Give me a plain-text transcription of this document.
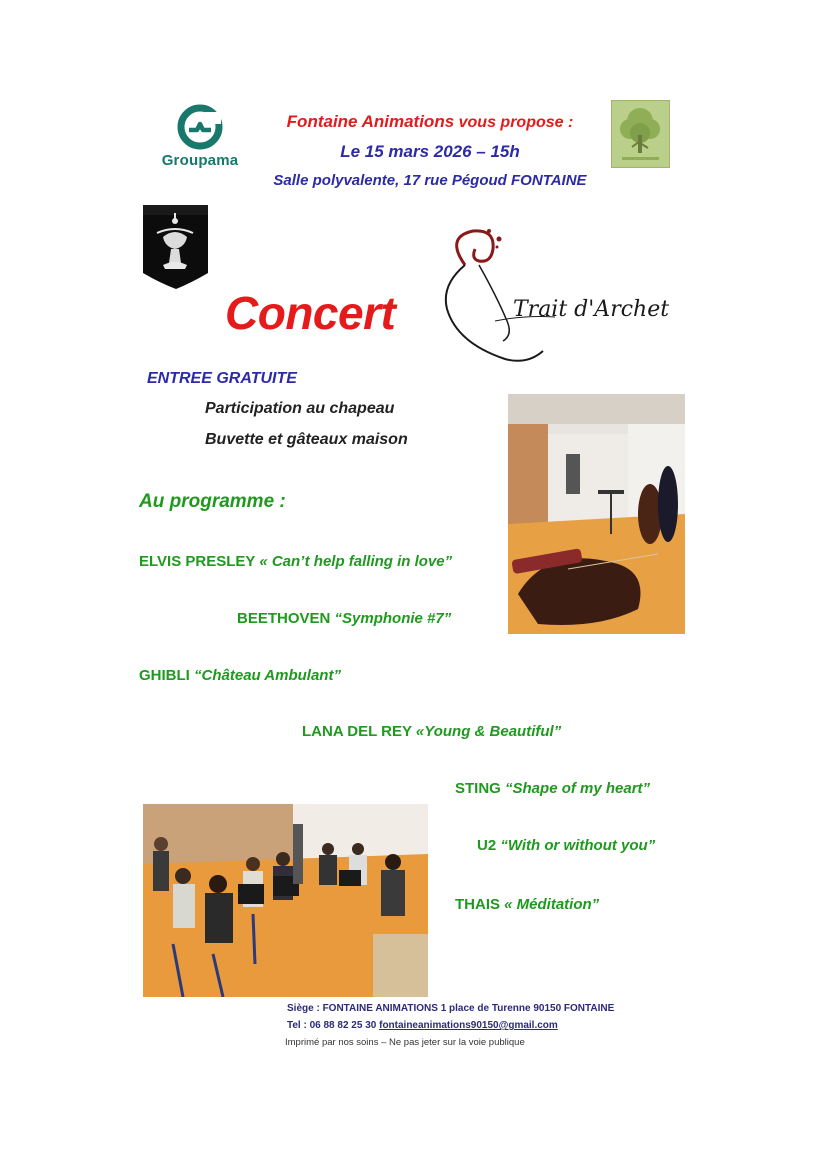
Groupama
Fontaine Animations vous propose :
Le 15 mars 2026 – 15h
Salle polyvalente, 17 rue Pégoud FONTAINE
Concert	Trait d'Archet
ENTREE GRATUITE
Participation au chapeau
Buvette et gâteaux maison
Au programme :
ELVIS PRESLEY « Can’t help falling in love”
BEETHOVEN “Symphonie #7”
GHIBLI “Château Ambulant”
LANA DEL REY «Young & Beautiful”
STING “Shape of my heart”
U2 “With or without you”
THAIS « Méditation”
Siège : FONTAINE ANIMATIONS 1 place de Turenne 90150 FONTAINE
Tel : 06 88 82 25 30 fontaineanimations90150@gmail.com
Imprimé par nos soins – Ne pas jeter sur la voie publique
